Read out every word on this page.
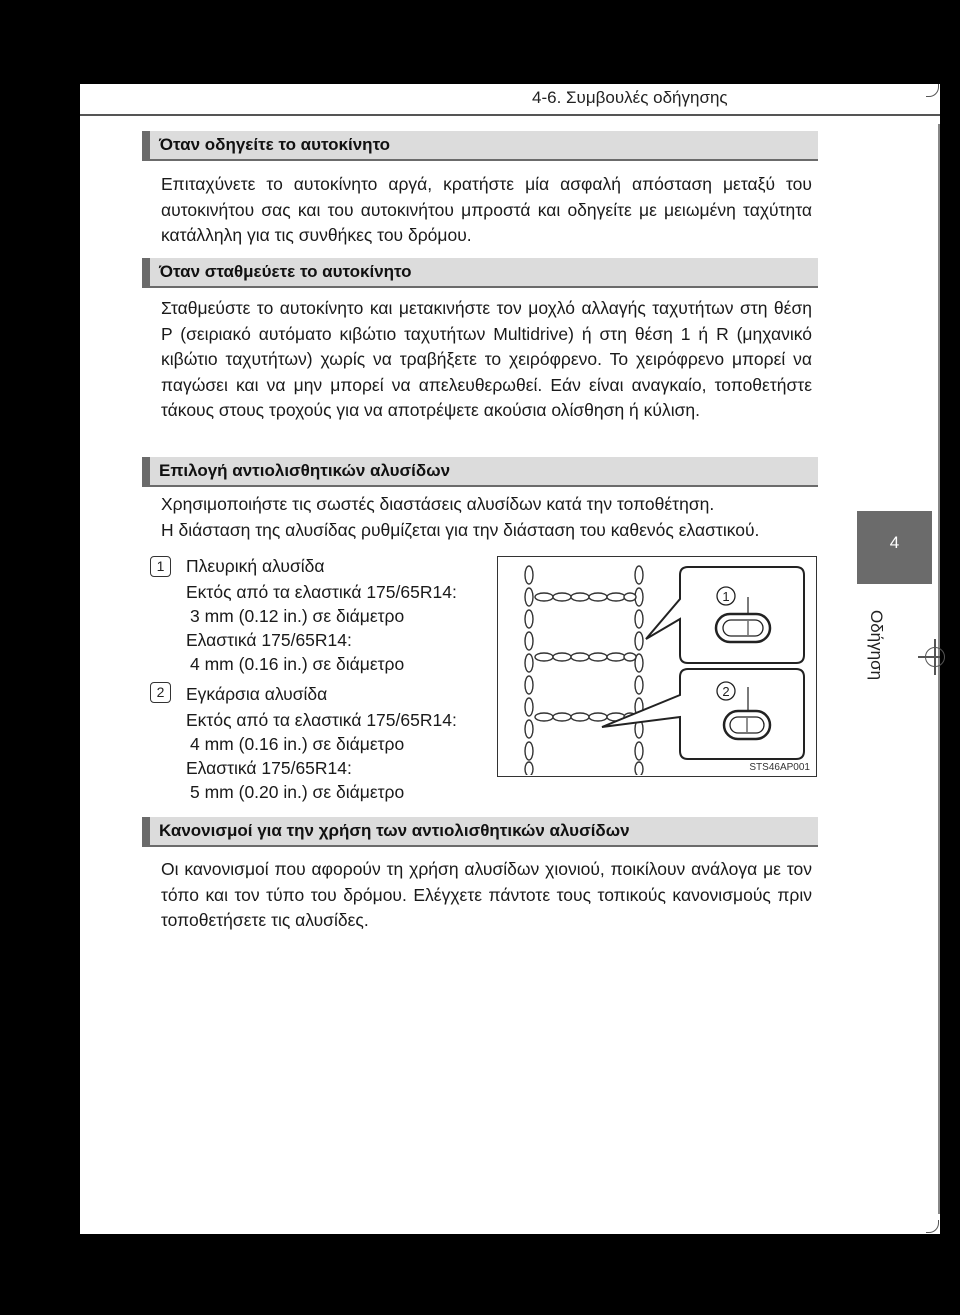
4-6. Συμβουλές οδήγησης
4
Οδήγηση
Όταν οδηγείτε το αυτοκίνητο
Επιταχύνετε το αυτοκίνητο αργά, κρατήστε μία ασφαλή απόσταση μεταξύ του αυτοκινήτου σας και του αυτοκινήτου μπροστά και οδηγείτε με μειωμένη ταχύτητα κατάλληλη για τις συνθήκες του δρόμου.
Όταν σταθμεύετε το αυτοκίνητο
Σταθμεύστε το αυτοκίνητο και μετακινήστε τον μοχλό αλλαγής ταχυτήτων στη θέση P (σειριακό αυτόματο κιβώτιο ταχυτήτων Multidrive) ή στη θέση 1 ή R (μηχανικό κιβώτιο ταχυτήτων) χωρίς να τραβήξετε το χειρόφρενο. Το χειρόφρενο μπορεί να παγώσει και να μην μπορεί να απελευθερωθεί. Εάν είναι αναγκαίο, τοποθετήστε τάκους στους τροχούς για να αποτρέψετε ακούσια ολίσθηση ή κύλιση.
Επιλογή αντιολισθητικών αλυσίδων
Χρησιμοποιήστε τις σωστές διαστάσεις αλυσίδων κατά την τοποθέτηση.
Η διάσταση της αλυσίδας ρυθμίζεται για την διάσταση του καθενός ελαστικού.
1	Πλευρική αλυσίδα
Εκτός από τα ελαστικά 175/65R14:
3 mm (0.12 in.) σε διάμετρο
Ελαστικά 175/65R14:
4 mm (0.16 in.) σε διάμετρο
2	Εγκάρσια αλυσίδα
Εκτός από τα ελαστικά 175/65R14:
4 mm (0.16 in.) σε διάμετρο
Ελαστικά 175/65R14:
5 mm (0.20 in.) σε διάμετρο
1
2
STS46AP001
Κανονισμοί για την χρήση των αντιολισθητικών αλυσίδων
Οι κανονισμοί που αφορούν τη χρήση αλυσίδων χιονιού, ποικίλουν ανάλογα με τον τόπο και τον τύπο του δρόμου. Ελέγχετε πάντοτε τους τοπικούς κανονισμούς πριν τοποθετήσετε τις αλυσίδες.
